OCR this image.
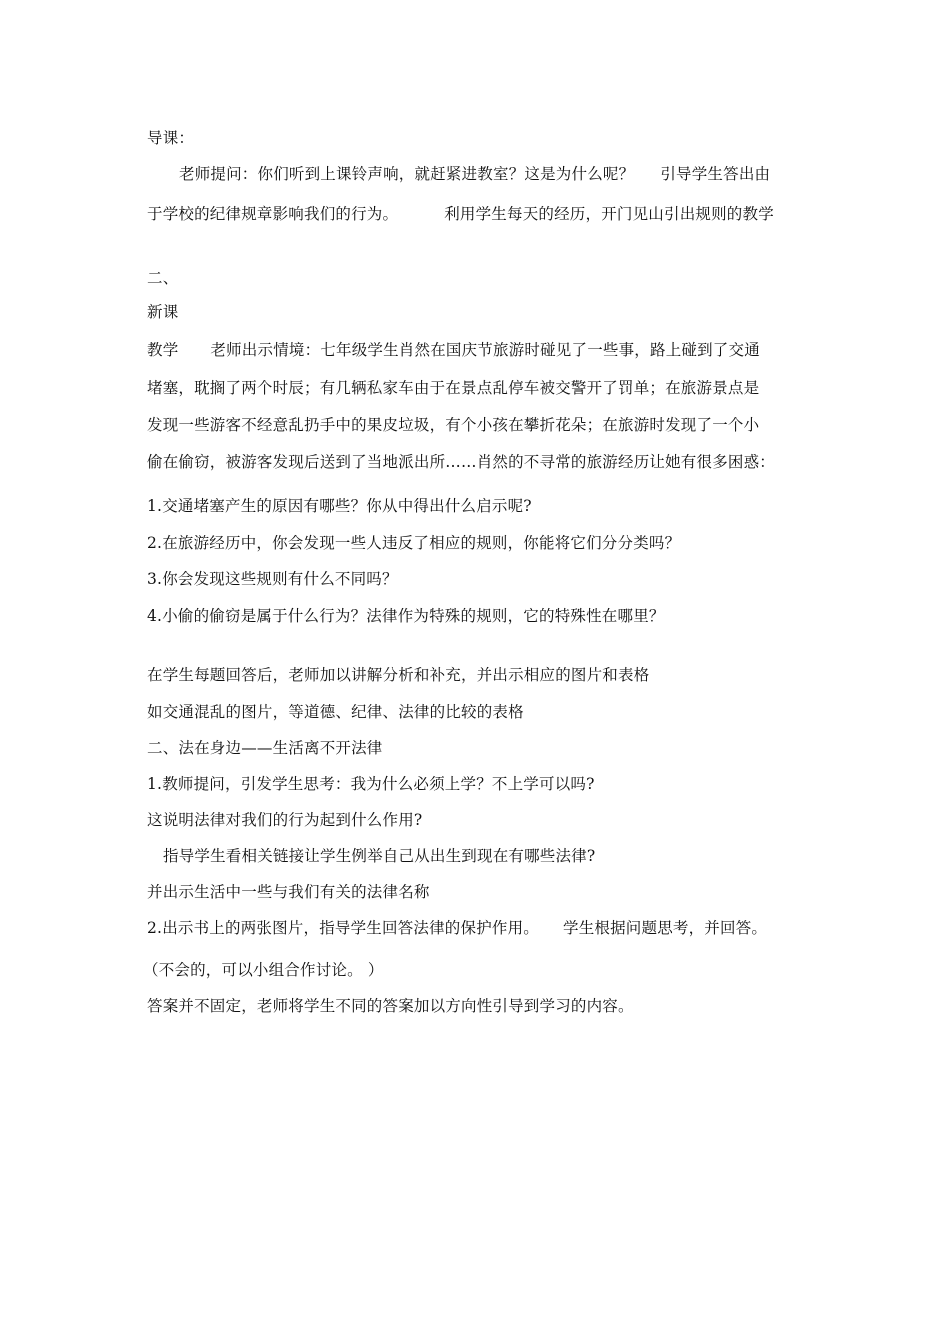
导课：
老师提问：你们听到上课铃声响，就赶紧进教室？这是为什么呢？ 引导学生答出由
于学校的纪律规章影响我们的行为。	利用学生每天的经历，开门见山引出规则的教学
二、
新课
教学 老师出示情境：七年级学生肖然在国庆节旅游时碰见了一些事，路上碰到了交通
堵塞，耽搁了两个时辰；有几辆私家车由于在景点乱停车被交警开了罚单；在旅游景点是
发现一些游客不经意乱扔手中的果皮垃圾，有个小孩在攀折花朵；在旅游时发现了一个小
偷在偷窃，被游客发现后送到了当地派出所……肖然的不寻常的旅游经历让她有很多困惑：
1.交通堵塞产生的原因有哪些？你从中得出什么启示呢?
2.在旅游经历中，你会发现一些人违反了相应的规则，你能将它们分分类吗？
3.你会发现这些规则有什么不同吗？
4.小偷的偷窃是属于什么行为？法律作为特殊的规则，它的特殊性在哪里？
在学生每题回答后，老师加以讲解分析和补充，并出示相应的图片和表格
如交通混乱的图片，等道德、纪律、法律的比较的表格
二、法在身边——生活离不开法律
1.教师提问，引发学生思考：我为什么必须上学？不上学可以吗?
这说明法律对我们的行为起到什么作用?
指导学生看相关链接让学生例举自己从出生到现在有哪些法律?
并出示生活中一些与我们有关的法律名称
2.出示书上的两张图片，指导学生回答法律的保护作用。 学生根据问题思考，并回答。
（不会的，可以小组合作讨论。 ）
答案并不固定，老师将学生不同的答案加以方向性引导到学习的内容。
